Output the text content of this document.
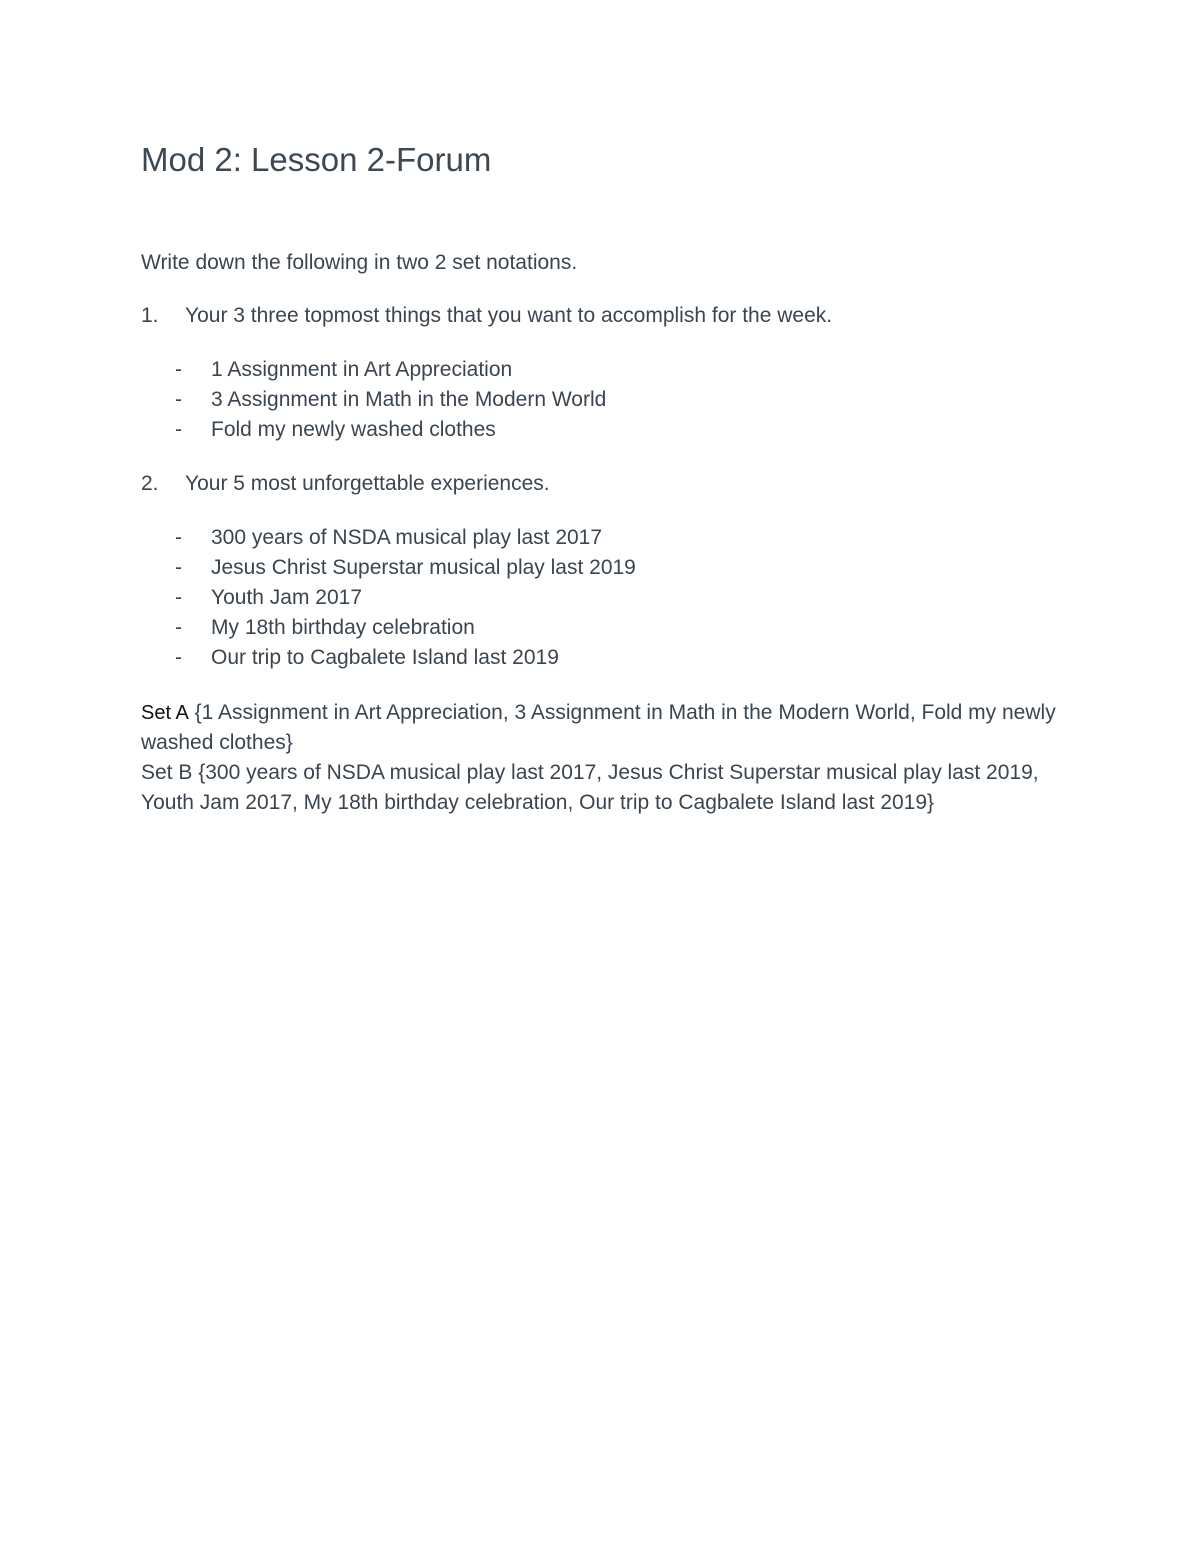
Mod 2: Lesson 2-Forum

Write down the following in two 2 set notations.

1.	Your 3 three topmost things that you want to accomplish for the week.
-	1 Assignment in Art Appreciation
-	3 Assignment in Math in the Modern World
-	Fold my newly washed clothes
2.	Your 5 most unforgettable experiences.
-	300 years of NSDA musical play last 2017
-	Jesus Christ Superstar musical play last 2019
-	Youth Jam 2017
-	My 18th birthday celebration
-	Our trip to Cagbalete Island last 2019
Set A {1 Assignment in Art Appreciation, 3 Assignment in Math in the Modern World, Fold my newly washed clothes}
Set B {300 years of NSDA musical play last 2017, Jesus Christ Superstar musical play last 2019, Youth Jam 2017, My 18th birthday celebration, Our trip to Cagbalete Island last 2019}
